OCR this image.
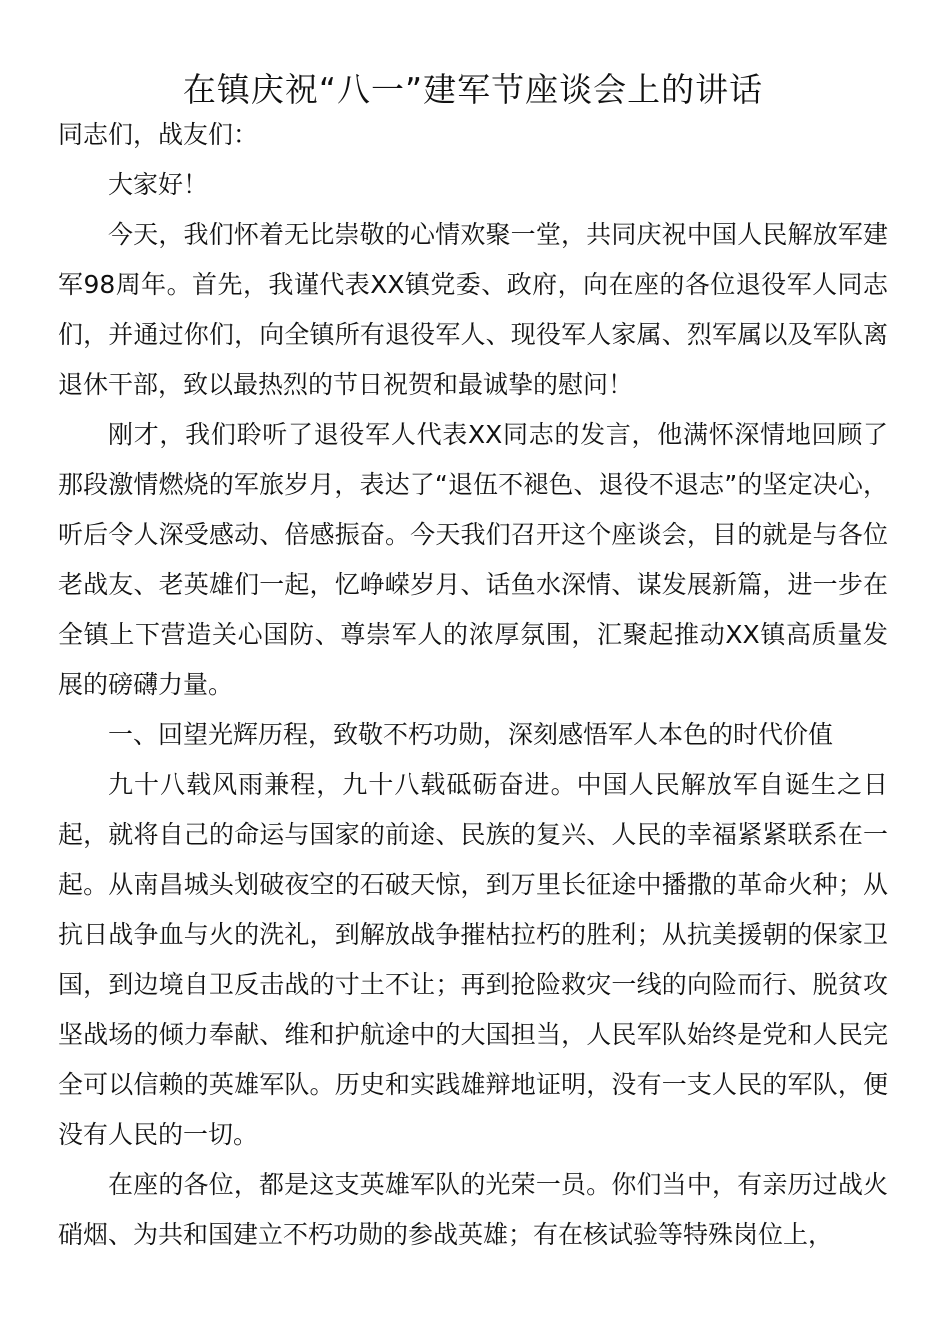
在镇庆祝“八一”建军节座谈会上的讲话

同志们，战友们：

大家好！

今天，我们怀着无比崇敬的心情欢聚一堂，共同庆祝中国人民解放军建军98周年。首先，我谨代表XX镇党委、政府，向在座的各位退役军人同志们，并通过你们，向全镇所有退役军人、现役军人家属、烈军属以及军队离退休干部，致以最热烈的节日祝贺和最诚挚的慰问！

刚才，我们聆听了退役军人代表XX同志的发言，他满怀深情地回顾了那段激情燃烧的军旅岁月，表达了“退伍不褪色、退役不退志”的坚定决心，听后令人深受感动、倍感振奋。今天我们召开这个座谈会，目的就是与各位老战友、老英雄们一起，忆峥嵘岁月、话鱼水深情、谋发展新篇，进一步在全镇上下营造关心国防、尊崇军人的浓厚氛围，汇聚起推动XX镇高质量发展的磅礴力量。

一、回望光辉历程，致敬不朽功勋，深刻感悟军人本色的时代价值

九十八载风雨兼程，九十八载砥砺奋进。中国人民解放军自诞生之日起，就将自己的命运与国家的前途、民族的复兴、人民的幸福紧紧联系在一起。从南昌城头划破夜空的石破天惊，到万里长征途中播撒的革命火种；从抗日战争血与火的洗礼，到解放战争摧枯拉朽的胜利；从抗美援朝的保家卫国，到边境自卫反击战的寸土不让；再到抢险救灾一线的向险而行、脱贫攻坚战场的倾力奉献、维和护航途中的大国担当，人民军队始终是党和人民完全可以信赖的英雄军队。历史和实践雄辩地证明，没有一支人民的军队，便没有人民的一切。

在座的各位，都是这支英雄军队的光荣一员。你们当中，有亲历过战火硝烟、为共和国建立不朽功勋的参战英雄；有在核试验等特殊岗位上，
